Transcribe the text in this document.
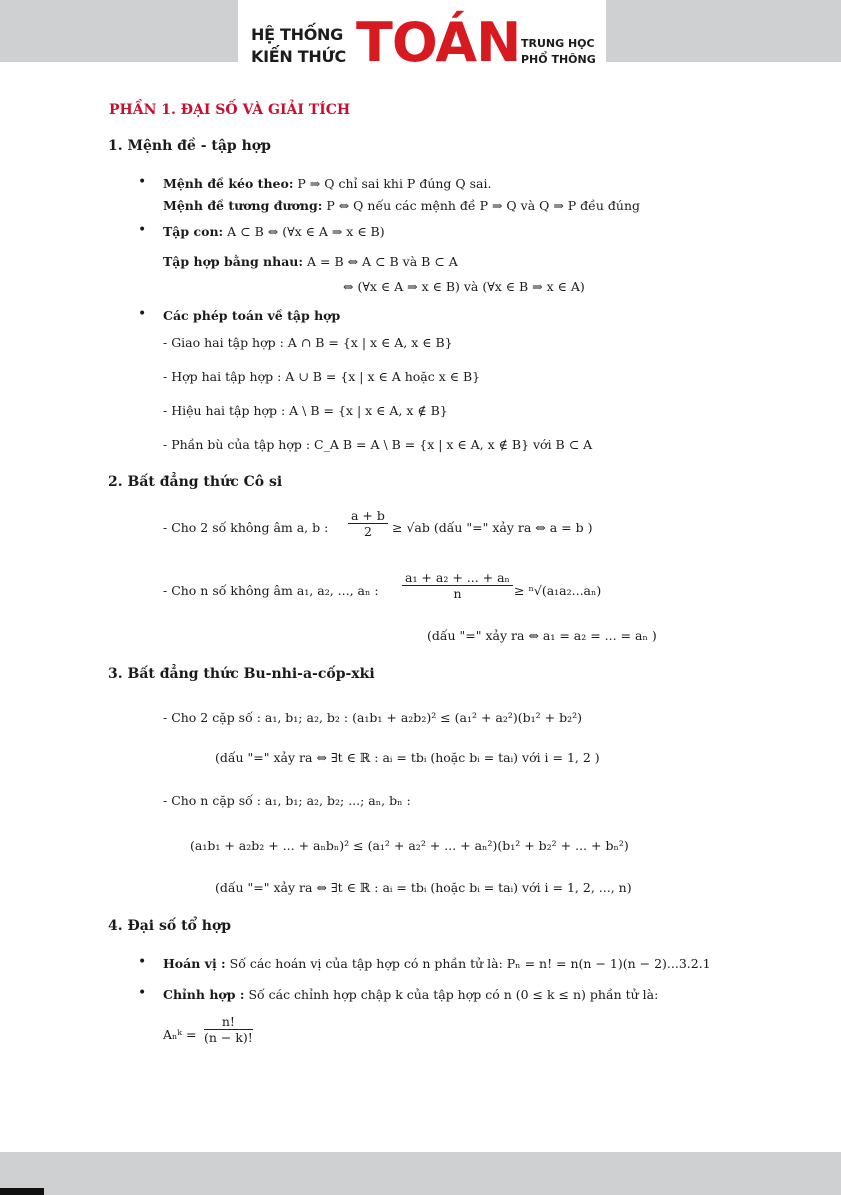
HỆ THỐNG
KIẾN THỨC TOÁN TRUNG HỌC
PHỔ THÔNG
PHẦN 1. ĐẠI SỐ VÀ GIẢI TÍCH
1. Mệnh đề - tập hợp
• Mệnh đề kéo theo: P ⇒ Q chỉ sai khi P đúng Q sai.
Mệnh đề tương đương: P ⇔ Q nếu các mệnh đề P ⇒ Q và Q ⇒ P đều đúng
• Tập con: A ⊂ B ⇔ (∀x ∈ A ⇒ x ∈ B)
Tập hợp bằng nhau: A = B ⇔ A ⊂ B và B ⊂ A
⇔ (∀x ∈ A ⇒ x ∈ B) và (∀x ∈ B ⇒ x ∈ A)
• Các phép toán về tập hợp
- Giao hai tập hợp : A ∩ B = {x | x ∈ A, x ∈ B}
- Hợp hai tập hợp : A ∪ B = {x | x ∈ A hoặc x ∈ B}
- Hiệu hai tập hợp : A \ B = {x | x ∈ A, x ∉ B}
- Phần bù của tập hợp : C_A B = A \ B = {x | x ∈ A, x ∉ B} với B ⊂ A
2. Bất đẳng thức Cô si
- Cho 2 số không âm a, b : $\frac{a + b}{2} \ge √ab$ (dấu "=" xảy ra ⇔ a = b )
- Cho n số không âm a₁, a₂, ..., aₙ : $\frac{\text{a₁ + a₂ + ... + aₙ}}{n} \ge ^n√(a_1a_2...a_n)$
(dấu "=" xảy ra ⇔ a₁ = a₂ = ... = aₙ )
3. Bất đẳng thức Bu-nhi-a-cốp-xki
- Cho 2 cặp số : a₁, b₁; a₂, b₂ : (a₁b₁ + a₂b₂)² ≤ (a₁² + a₂²)(b₁² + b₂²)
(dấu "=" xảy ra ⇔ ∃t ∈ ℝ : aᵢ = tbᵢ (hoặc bᵢ = taᵢ) với i = 1, 2 )
- Cho n cặp số : a₁, b₁; a₂, b₂; ...; aₙ, bₙ :
(a₁b₁ + a₂b₂ + ... + aₙbₙ)² ≤ (a₁² + a₂² + ... + aₙ²)(b₁² + b₂² + ... + bₙ²)
(dấu "=" xảy ra ⇔ ∃t ∈ ℝ : aᵢ = tbᵢ (hoặc bᵢ = taᵢ) với i = 1, 2, ..., n)
4. Đại số tổ hợp
• Hoán vị : Số các hoán vị của tập hợp có n phần tử là: Pₙ = n! = n(n − 1)(n − 2)...3.2.1
• Chỉnh hợp : Số các chỉnh hợp chập k của tập hợp có n (0 ≤ k ≤ n) phần tử là:
Aₙᵏ = $\frac{n!}{(n - k)!}$
